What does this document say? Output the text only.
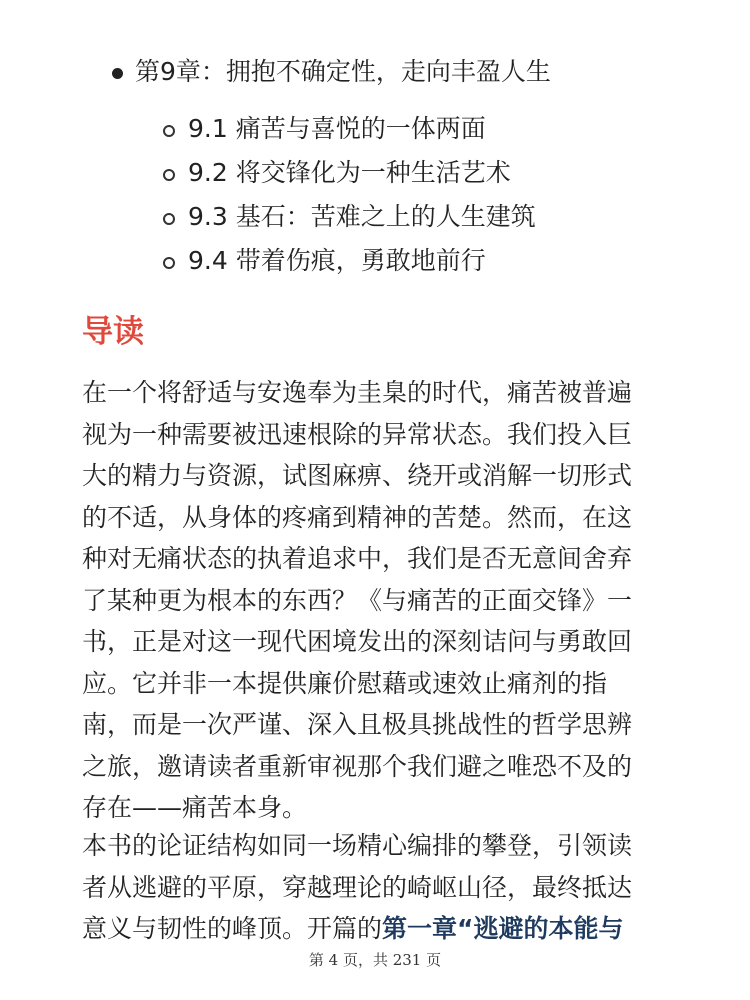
第9章：拥抱不确定性，走向丰盈人生
9.1 痛苦与喜悦的一体两面
9.2 将交锋化为一种生活艺术
9.3 基石：苦难之上的人生建筑
9.4 带着伤痕，勇敢地前行
导读
在一个将舒适与安逸奉为圭臬的时代，痛苦被普遍
视为一种需要被迅速根除的异常状态。我们投入巨
大的精力与资源，试图麻痹、绕开或消解一切形式
的不适，从身体的疼痛到精神的苦楚。然而，在这
种对无痛状态的执着追求中，我们是否无意间舍弃
了某种更为根本的东西？《与痛苦的正面交锋》一
书，正是对这一现代困境发出的深刻诘问与勇敢回
应。它并非一本提供廉价慰藉或速效止痛剂的指
南，而是一次严谨、深入且极具挑战性的哲学思辨
之旅，邀请读者重新审视那个我们避之唯恐不及的
存在——痛苦本身。
本书的论证结构如同一场精心编排的攀登，引领读
者从逃避的平原，穿越理论的崎岖山径，最终抵达
意义与韧性的峰顶。开篇的第一章“逃避的本能与
第 4 页，共 231 页
